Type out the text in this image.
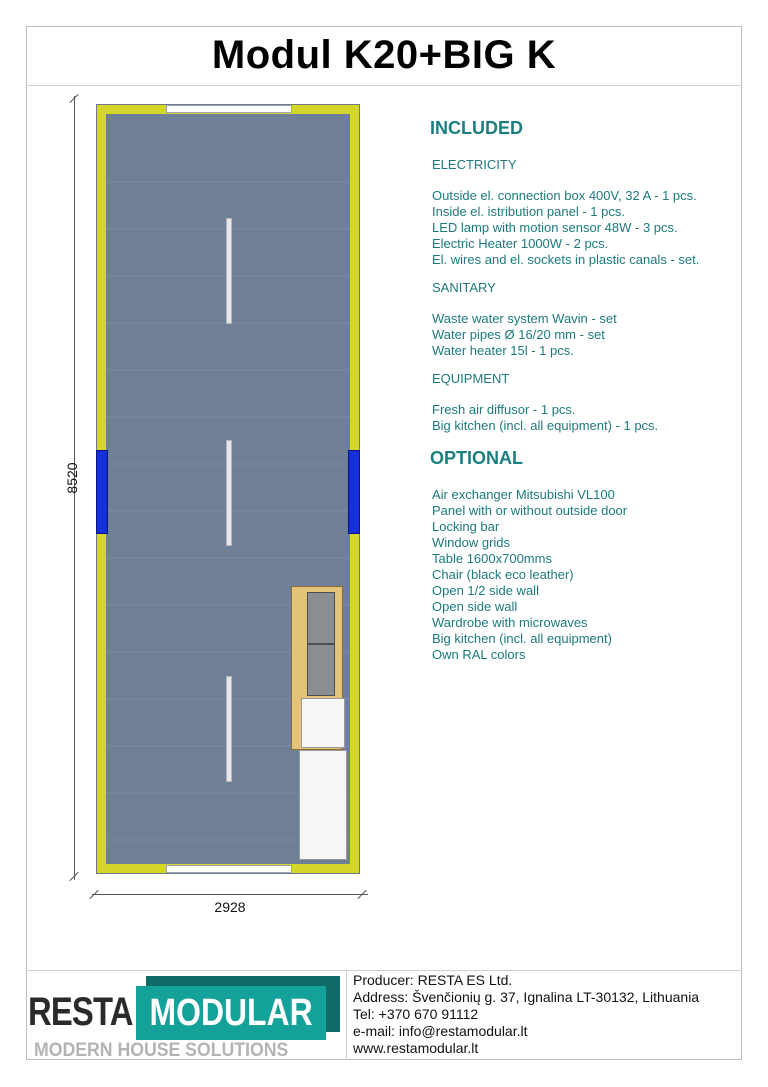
Modul K20+BIG K
8520
2928
INCLUDED
ELECTRICITY
Outside el. connection box 400V, 32 A - 1 pcs.
Inside el. istribution panel - 1 pcs.
LED lamp with motion sensor 48W - 3 pcs.
Electric Heater 1000W - 2 pcs.
El. wires and el. sockets in plastic canals - set.
SANITARY
Waste water system Wavin - set
Water pipes Ø 16/20 mm - set
Water heater 15l - 1 pcs.
EQUIPMENT
Fresh air diffusor - 1 pcs.
Big kitchen (incl. all equipment) - 1 pcs.
OPTIONAL
Air exchanger Mitsubishi VL100
Panel with or without outside door
Locking bar
Window grids
Table 1600x700mms
Chair (black eco leather)
Open 1/2 side wall
Open side wall
Wardrobe with microwaves
Big kitchen (incl. all equipment)
Own RAL colors
RESTA MODULAR
MODERN HOUSE SOLUTIONS
Producer: RESTA ES Ltd.
Address: Švenčionių g. 37, Ignalina LT-30132, Lithuania
Tel: +370 670 91112
e-mail: info@restamodular.lt
www.restamodular.lt
